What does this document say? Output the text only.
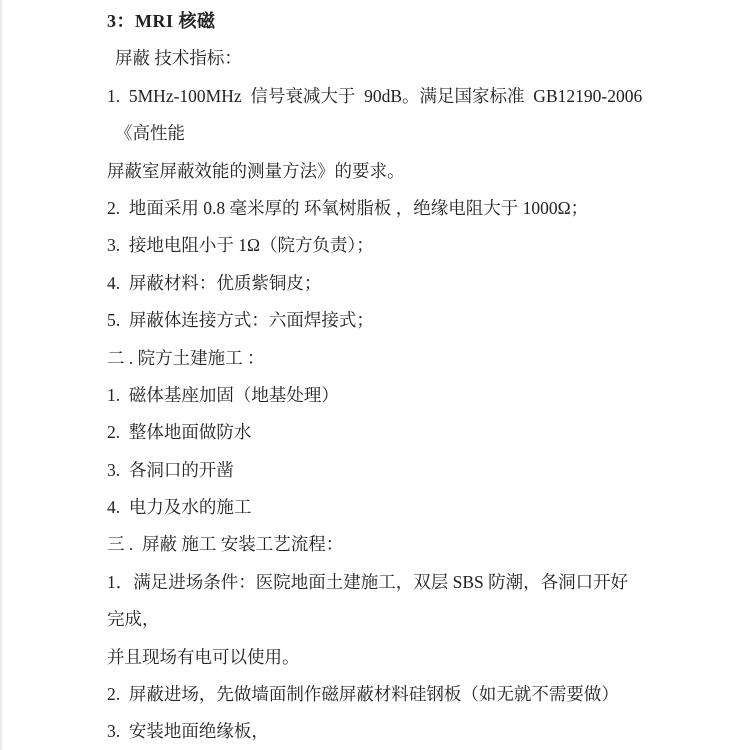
3：MRI 核磁

屏蔽 技术指标：

1.  5MHz-100MHz  信号衰减大于  90dB。满足国家标准  GB12190-2006

《高性能

屏蔽室屏蔽效能的测量方法》的要求。

2.  地面采用 0.8 毫米厚的 环氧树脂板 ，绝缘电阻大于 1000Ω；

3.  接地电阻小于 1Ω（院方负责）；

4.  屏蔽材料：优质紫铜皮；

5.  屏蔽体连接方式：六面焊接式；

二 . 院方土建施工 ：

1.  磁体基座加固（地基处理）

2.  整体地面做防水

3.  各洞口的开凿

4.  电力及水的施工

三 .  屏蔽 施工 安装工艺流程：

1．满足进场条件：医院地面土建施工，双层 SBS 防潮，各洞口开好

完成，

并且现场有电可以使用。

2.  屏蔽进场，先做墙面制作磁屏蔽材料硅钢板（如无就不需要做）

3.  安装地面绝缘板，
